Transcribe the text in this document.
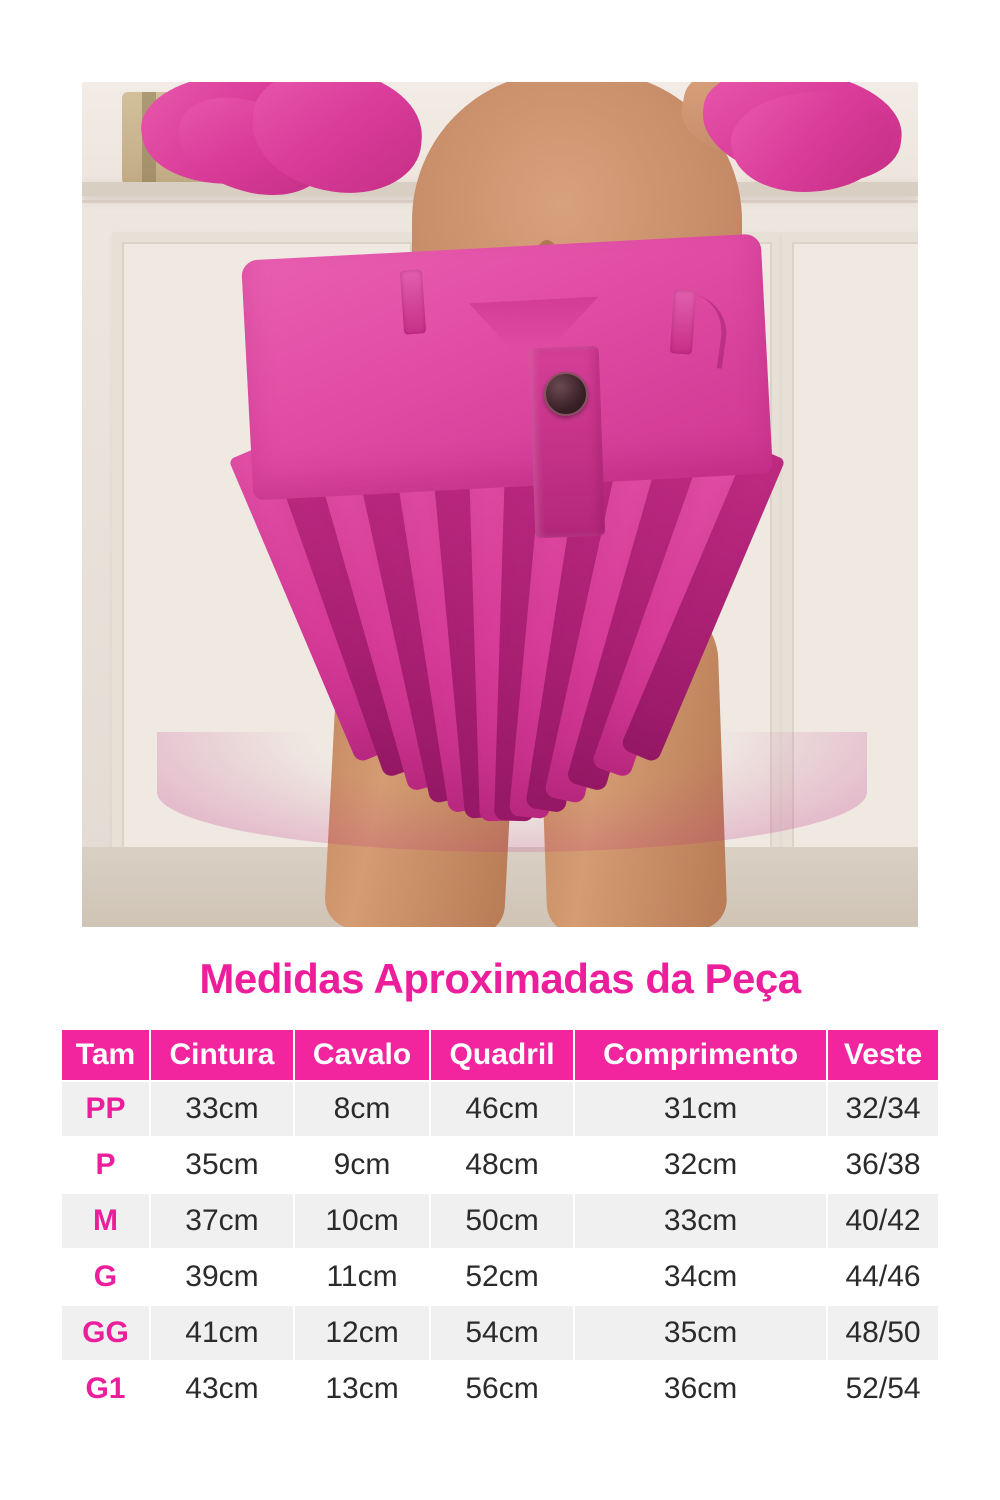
Medidas Aproximadas da Peça
Tam	Cintura	Cavalo	Quadril	Comprimento	Veste
PP	33cm	8cm	46cm	31cm	32/34
P	35cm	9cm	48cm	32cm	36/38
M	37cm	10cm	50cm	33cm	40/42
G	39cm	11cm	52cm	34cm	44/46
GG	41cm	12cm	54cm	35cm	48/50
G1	43cm	13cm	56cm	36cm	52/54
